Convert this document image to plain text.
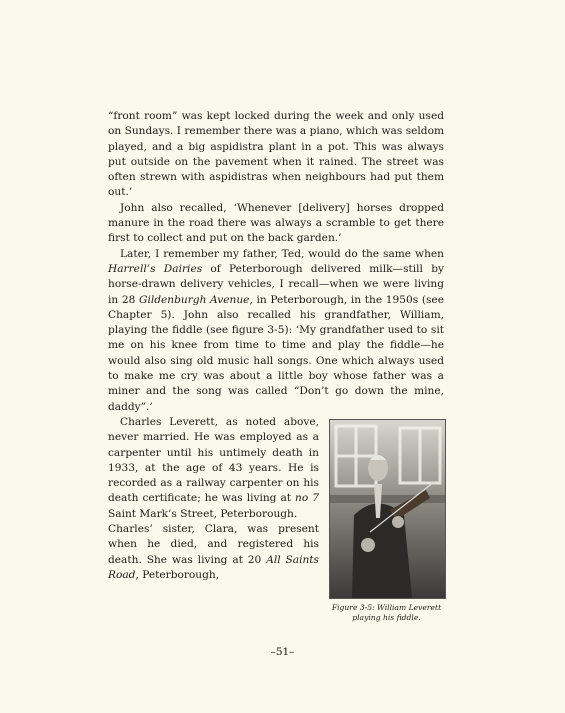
“front room” was kept locked during the week and only used on Sundays. I remember there was a piano, which was seldom played, and a big aspidistra plant in a pot. This was always put outside on the pavement when it rained. The street was often strewn with aspidistras when neighbours had put them out.’

John also recalled, ‘Whenever [delivery] horses dropped manure in the road there was always a scramble to get there first to collect and put on the back garden.’

Later, I remember my father, Ted, would do the same when Harrell’s Dairies of Peterborough delivered milk—still by horse-drawn delivery vehicles, I recall—when we were living in 28 Gildenburgh Avenue, in Peterborough, in the 1950s (see Chapter 5). John also recalled his grandfather, William, playing the fiddle (see figure 3-5): ‘My grandfather used to sit me on his knee from time to time and play the fiddle—he would also sing old music hall songs. One which always used to make me cry was about a little boy whose father was a miner and the song was called “Don’t go down the mine, daddy”.’

Figure 3-5: William Leverett playing his fiddle.

Charles Leverett, as noted above, never married. He was employed as a carpenter until his untimely death in 1933, at the age of 43 years. He is recorded as a railway carpenter on his death certificate; he was living at no 7 Saint Mark’s Street, Peterborough.

Charles’ sister, Clara, was present when he died, and registered his death. She was living at 20 All Saints Road, Peterborough,

–51–
